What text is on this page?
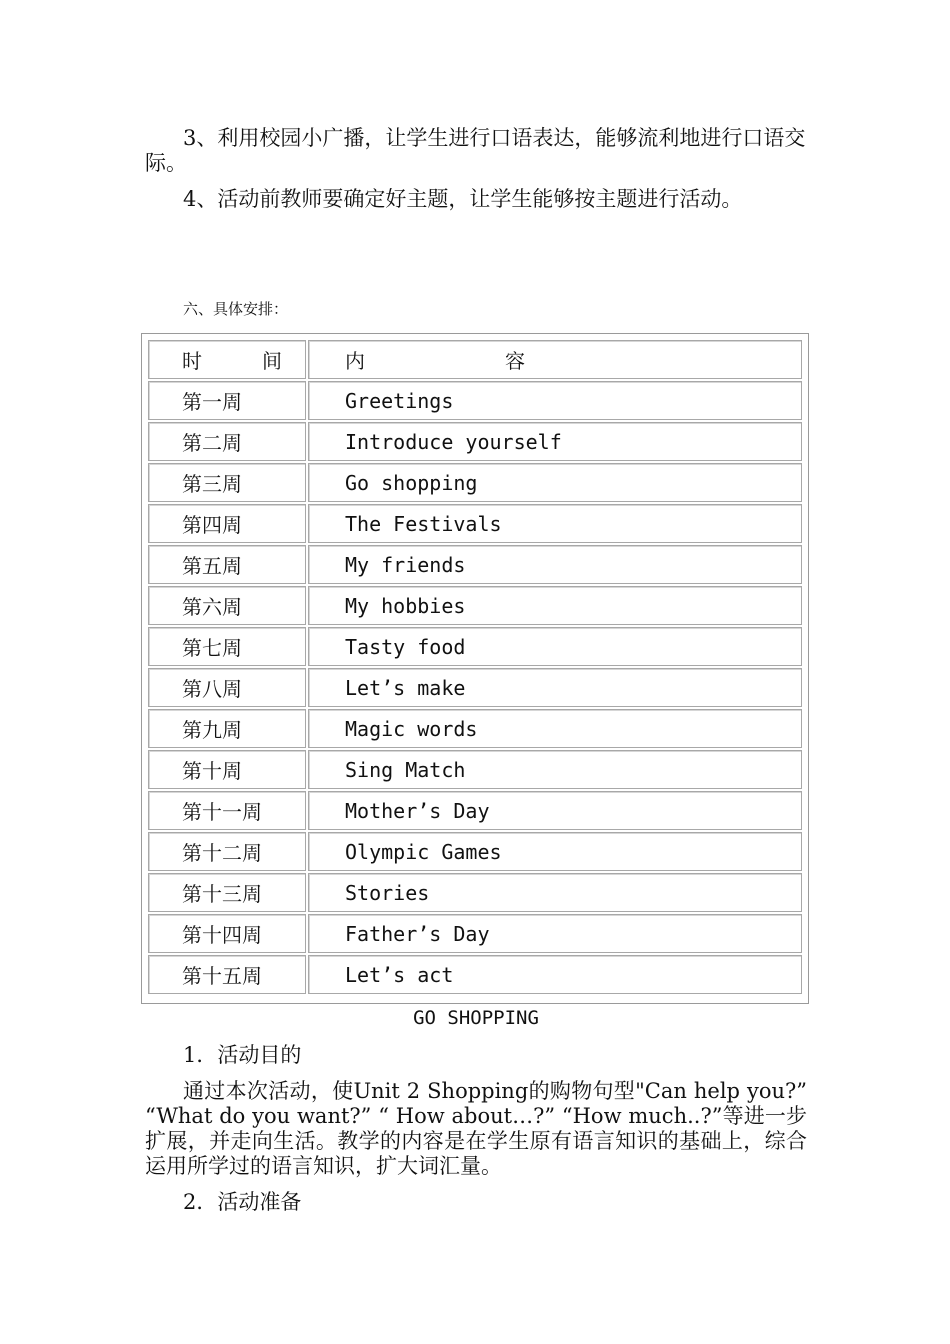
3、利用校园小广播，让学生进行口语表达，能够流利地进行口语交际。

4、活动前教师要确定好主题，让学生能够按主题进行活动。

六、具体安排：
时间	内容
第一周	Greetings
第二周	Introduce yourself
第三周	Go shopping
第四周	The Festivals
第五周	My friends
第六周	My hobbies
第七周	Tasty food
第八周	Let’s make
第九周	Magic words
第十周	Sing Match
第十一周	Mother’s Day
第十二周	Olympic Games
第十三周	Stories
第十四周	Father’s Day
第十五周	Let’s act
GO SHOPPING

1．活动目的

通过本次活动，使Unit 2 Shopping的购物句型"Can help you?” “What do you want?” “ How about…?” “How much..?”等进一步扩展，并走向生活。教学的内容是在学生原有语言知识的基础上，综合运用所学过的语言知识，扩大词汇量。

2．活动准备
